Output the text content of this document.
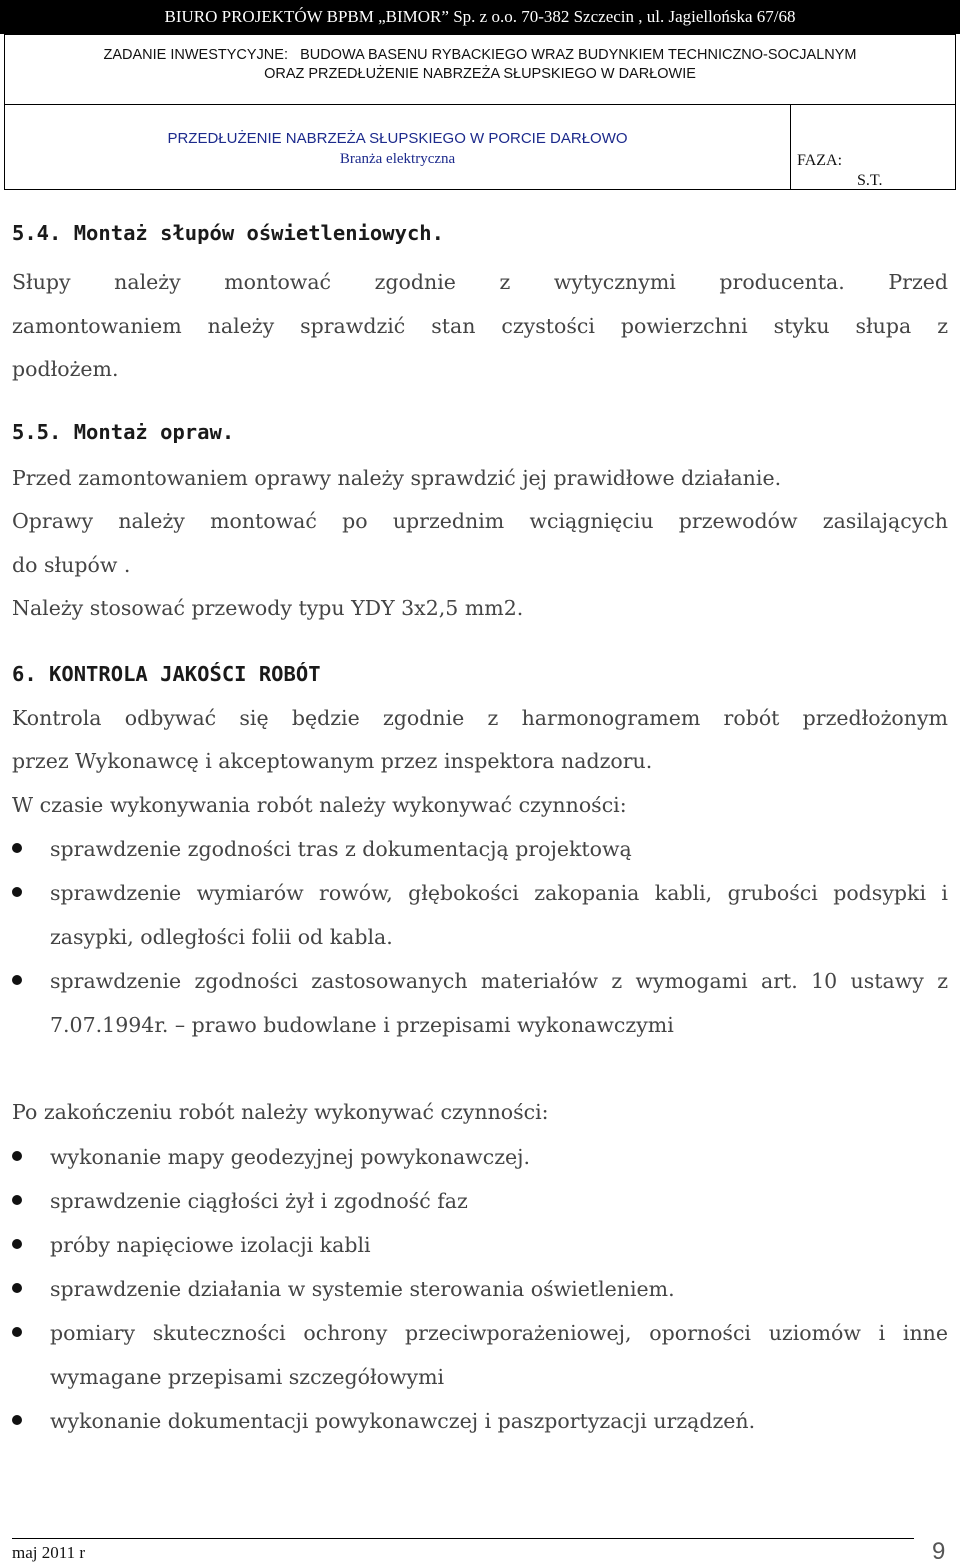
BIURO PROJEKTÓW BPBM „BIMOR” Sp. z o.o. 70-382 Szczecin , ul. Jagiellońska 67/68
ZADANIE INWESTYCYJNE:   BUDOWA BASENU RYBACKIEGO WRAZ BUDYNKIEM TECHNICZNO-SOCJALNYM
ORAZ PRZEDŁUŻENIE NABRZEŻA SŁUPSKIEGO W DARŁOWIE
PRZEDŁUŻENIE NABRZEŻA SŁUPSKIEGO W PORCIE DARŁOWO
Branża elektryczna	FAZA:
S.T.
5.4. Montaż słupów oświetleniowych.
Słupy należy montować zgodnie z wytycznymi producenta. Przed
zamontowaniem należy sprawdzić stan czystości powierzchni styku słupa z
podłożem.
5.5. Montaż opraw.
Przed zamontowaniem oprawy należy sprawdzić jej prawidłowe działanie.
Oprawy należy montować po uprzednim wciągnięciu przewodów zasilających
do słupów .
Należy stosować przewody typu YDY 3x2,5 mm2.
6. KONTROLA JAKOŚCI ROBÓT
Kontrola odbywać się będzie zgodnie z harmonogramem robót przedłożonym
przez Wykonawcę i akceptowanym przez inspektora nadzoru.
W czasie wykonywania robót należy wykonywać czynności:
sprawdzenie zgodności tras z dokumentacją projektową
sprawdzenie wymiarów rowów, głębokości zakopania kabli, grubości podsypki i zasypki, odległości folii od kabla.
sprawdzenie zgodności zastosowanych materiałów z wymogami art. 10 ustawy z 7.07.1994r. – prawo budowlane i przepisami wykonawczymi
Po zakończeniu robót należy wykonywać czynności:
wykonanie mapy geodezyjnej powykonawczej.
sprawdzenie ciągłości żył i zgodność faz
próby napięciowe izolacji kabli
sprawdzenie działania w systemie sterowania oświetleniem.
pomiary skuteczności ochrony przeciwporażeniowej, oporności uziomów i inne wymagane przepisami szczegółowymi
wykonanie dokumentacji powykonawczej i paszportyzacji urządzeń.
maj 2011 r	9
